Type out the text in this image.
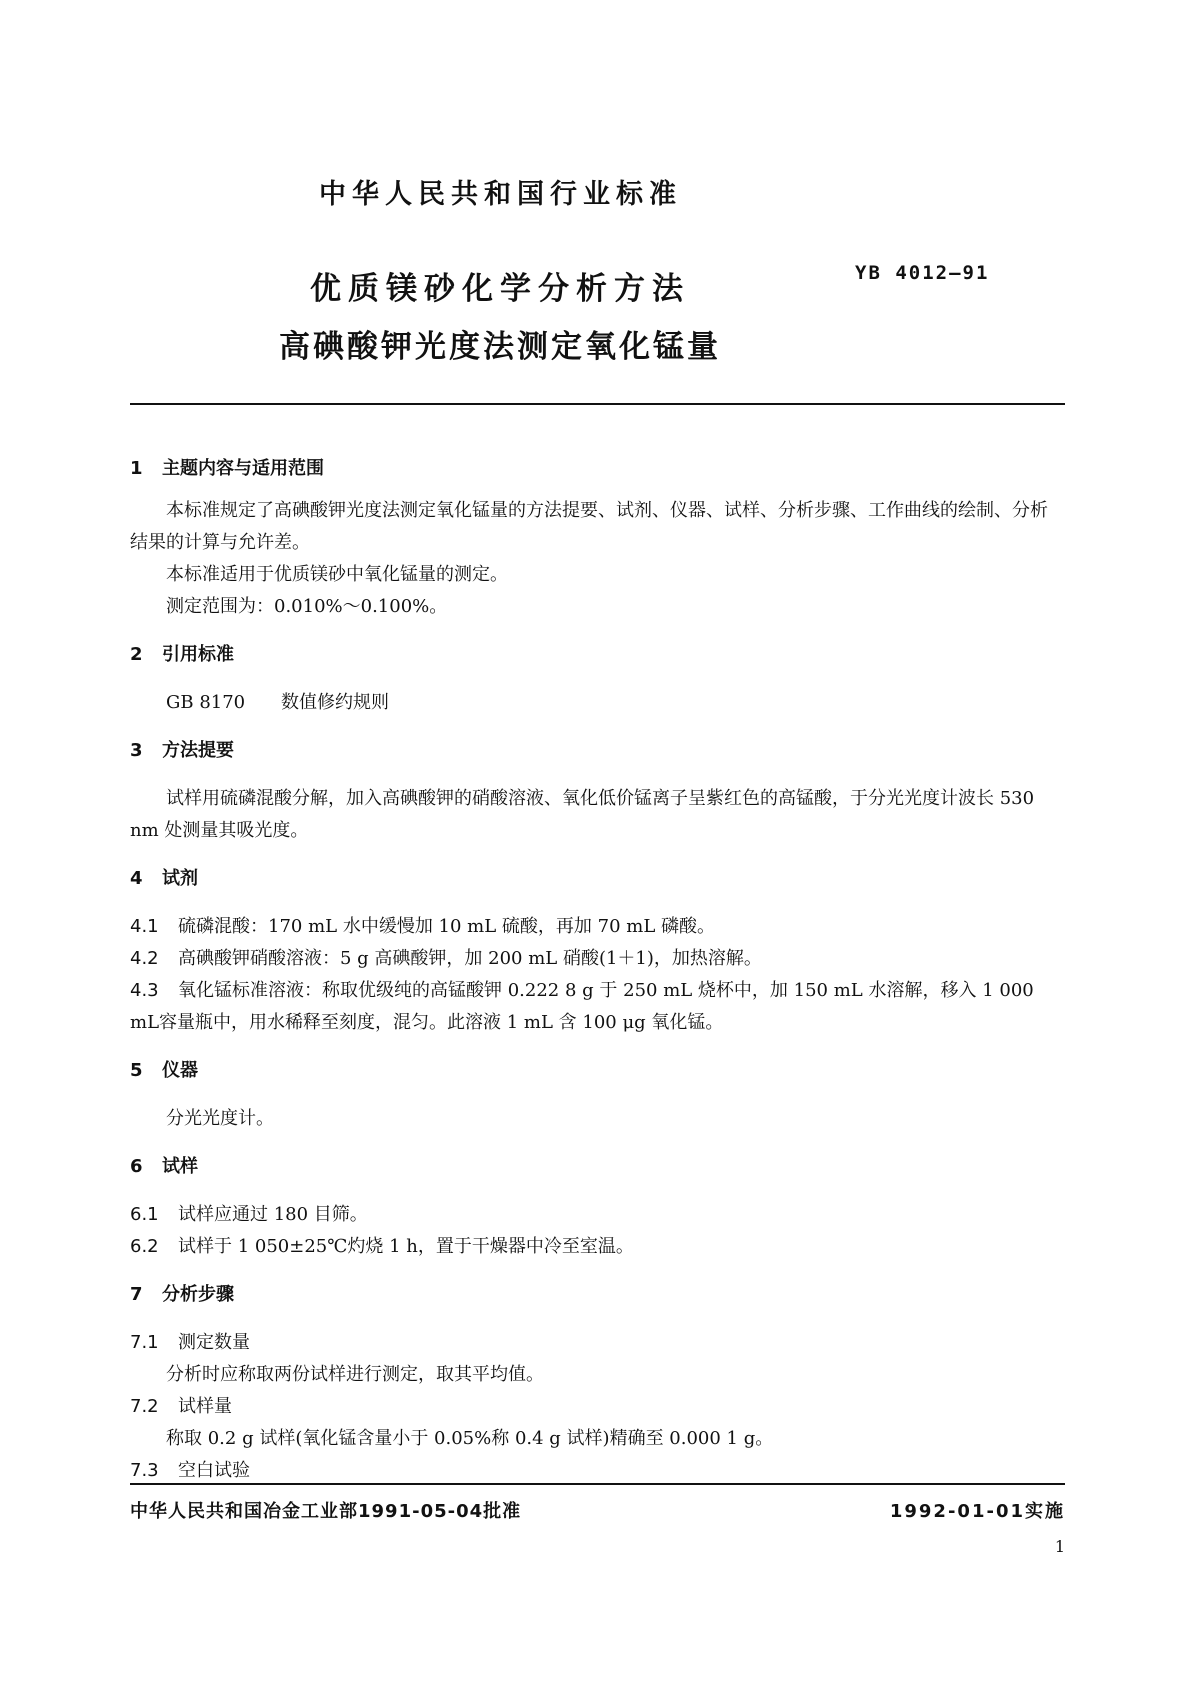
中华人民共和国行业标准
优质镁砂化学分析方法
高碘酸钾光度法测定氧化锰量
YB 4012—91
1 主题内容与适用范围

本标准规定了高碘酸钾光度法测定氧化锰量的方法提要、试剂、仪器、试样、分析步骤、工作曲线的绘制、分析结果的计算与允许差。

本标准适用于优质镁砂中氧化锰量的测定。

测定范围为：0.010%～0.100%。

2 引用标准

GB 8170 数值修约规则

3 方法提要

试样用硫磷混酸分解，加入高碘酸钾的硝酸溶液、氧化低价锰离子呈紫红色的高锰酸，于分光光度计波长 530 nm 处测量其吸光度。

4 试剂

4.1 硫磷混酸：170 mL 水中缓慢加 10 mL 硫酸，再加 70 mL 磷酸。

4.2 高碘酸钾硝酸溶液：5 g 高碘酸钾，加 200 mL 硝酸(1＋1)，加热溶解。

4.3 氧化锰标准溶液：称取优级纯的高锰酸钾 0.222 8 g 于 250 mL 烧杯中，加 150 mL 水溶解，移入 1 000 mL容量瓶中，用水稀释至刻度，混匀。此溶液 1 mL 含 100 μg 氧化锰。

5 仪器

分光光度计。

6 试样

6.1 试样应通过 180 目筛。

6.2 试样于 1 050±25℃灼烧 1 h，置于干燥器中冷至室温。

7 分析步骤

7.1 测定数量

分析时应称取两份试样进行测定，取其平均值。

7.2 试样量

称取 0.2 g 试样(氧化锰含量小于 0.05%称 0.4 g 试样)精确至 0.000 1 g。

7.3 空白试验

中华人民共和国冶金工业部1991-05-04批准	1992-01-01实施
1
